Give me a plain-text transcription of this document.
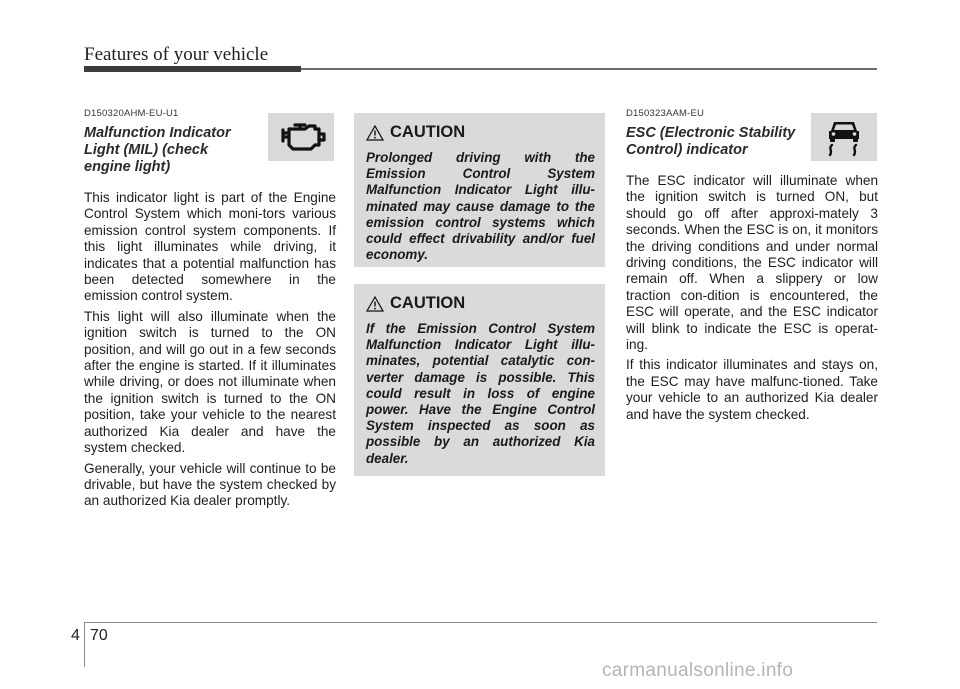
Features of your vehicle
D150320AHM-EU-U1
Malfunction Indicator Light (MIL) (check engine light)

This indicator light is part of the Engine Control System which moni-tors various emission control system components. If this light illuminates while driving, it indicates that a potential malfunction has been detected somewhere in the emission control system.

This light will also illuminate when the ignition switch is turned to the ON position, and will go out in a few seconds after the engine is started. If it illuminates while driving, or does not illuminate when the ignition switch is turned to the ON position, take your vehicle to the nearest authorized Kia dealer and have the system checked.

Generally, your vehicle will continue to be drivable, but have the system checked by an authorized Kia dealer promptly.

CAUTION

Prolonged driving with the Emission Control System Malfunction Indicator Light illu-minated may cause damage to the emission control systems which could effect drivability and/or fuel economy.

CAUTION

If the Emission Control System Malfunction Indicator Light illu-minates, potential catalytic con-verter damage is possible. This could result in loss of engine power. Have the Engine Control System inspected as soon as possible by an authorized Kia dealer.

D150323AAM-EU
ESC (Electronic Stability Control) indicator

The ESC indicator will illuminate when the ignition switch is turned ON, but should go off after approxi-mately 3 seconds. When the ESC is on, it monitors the driving conditions and under normal driving conditions, the ESC indicator will remain off. When a slippery or low traction con-dition is encountered, the ESC will operate, and the ESC indicator will blink to indicate the ESC is operat-ing.

If this indicator illuminates and stays on, the ESC may have malfunc-tioned. Take your vehicle to an authorized Kia dealer and have the system checked.

4 70
carmanualsonline.info
